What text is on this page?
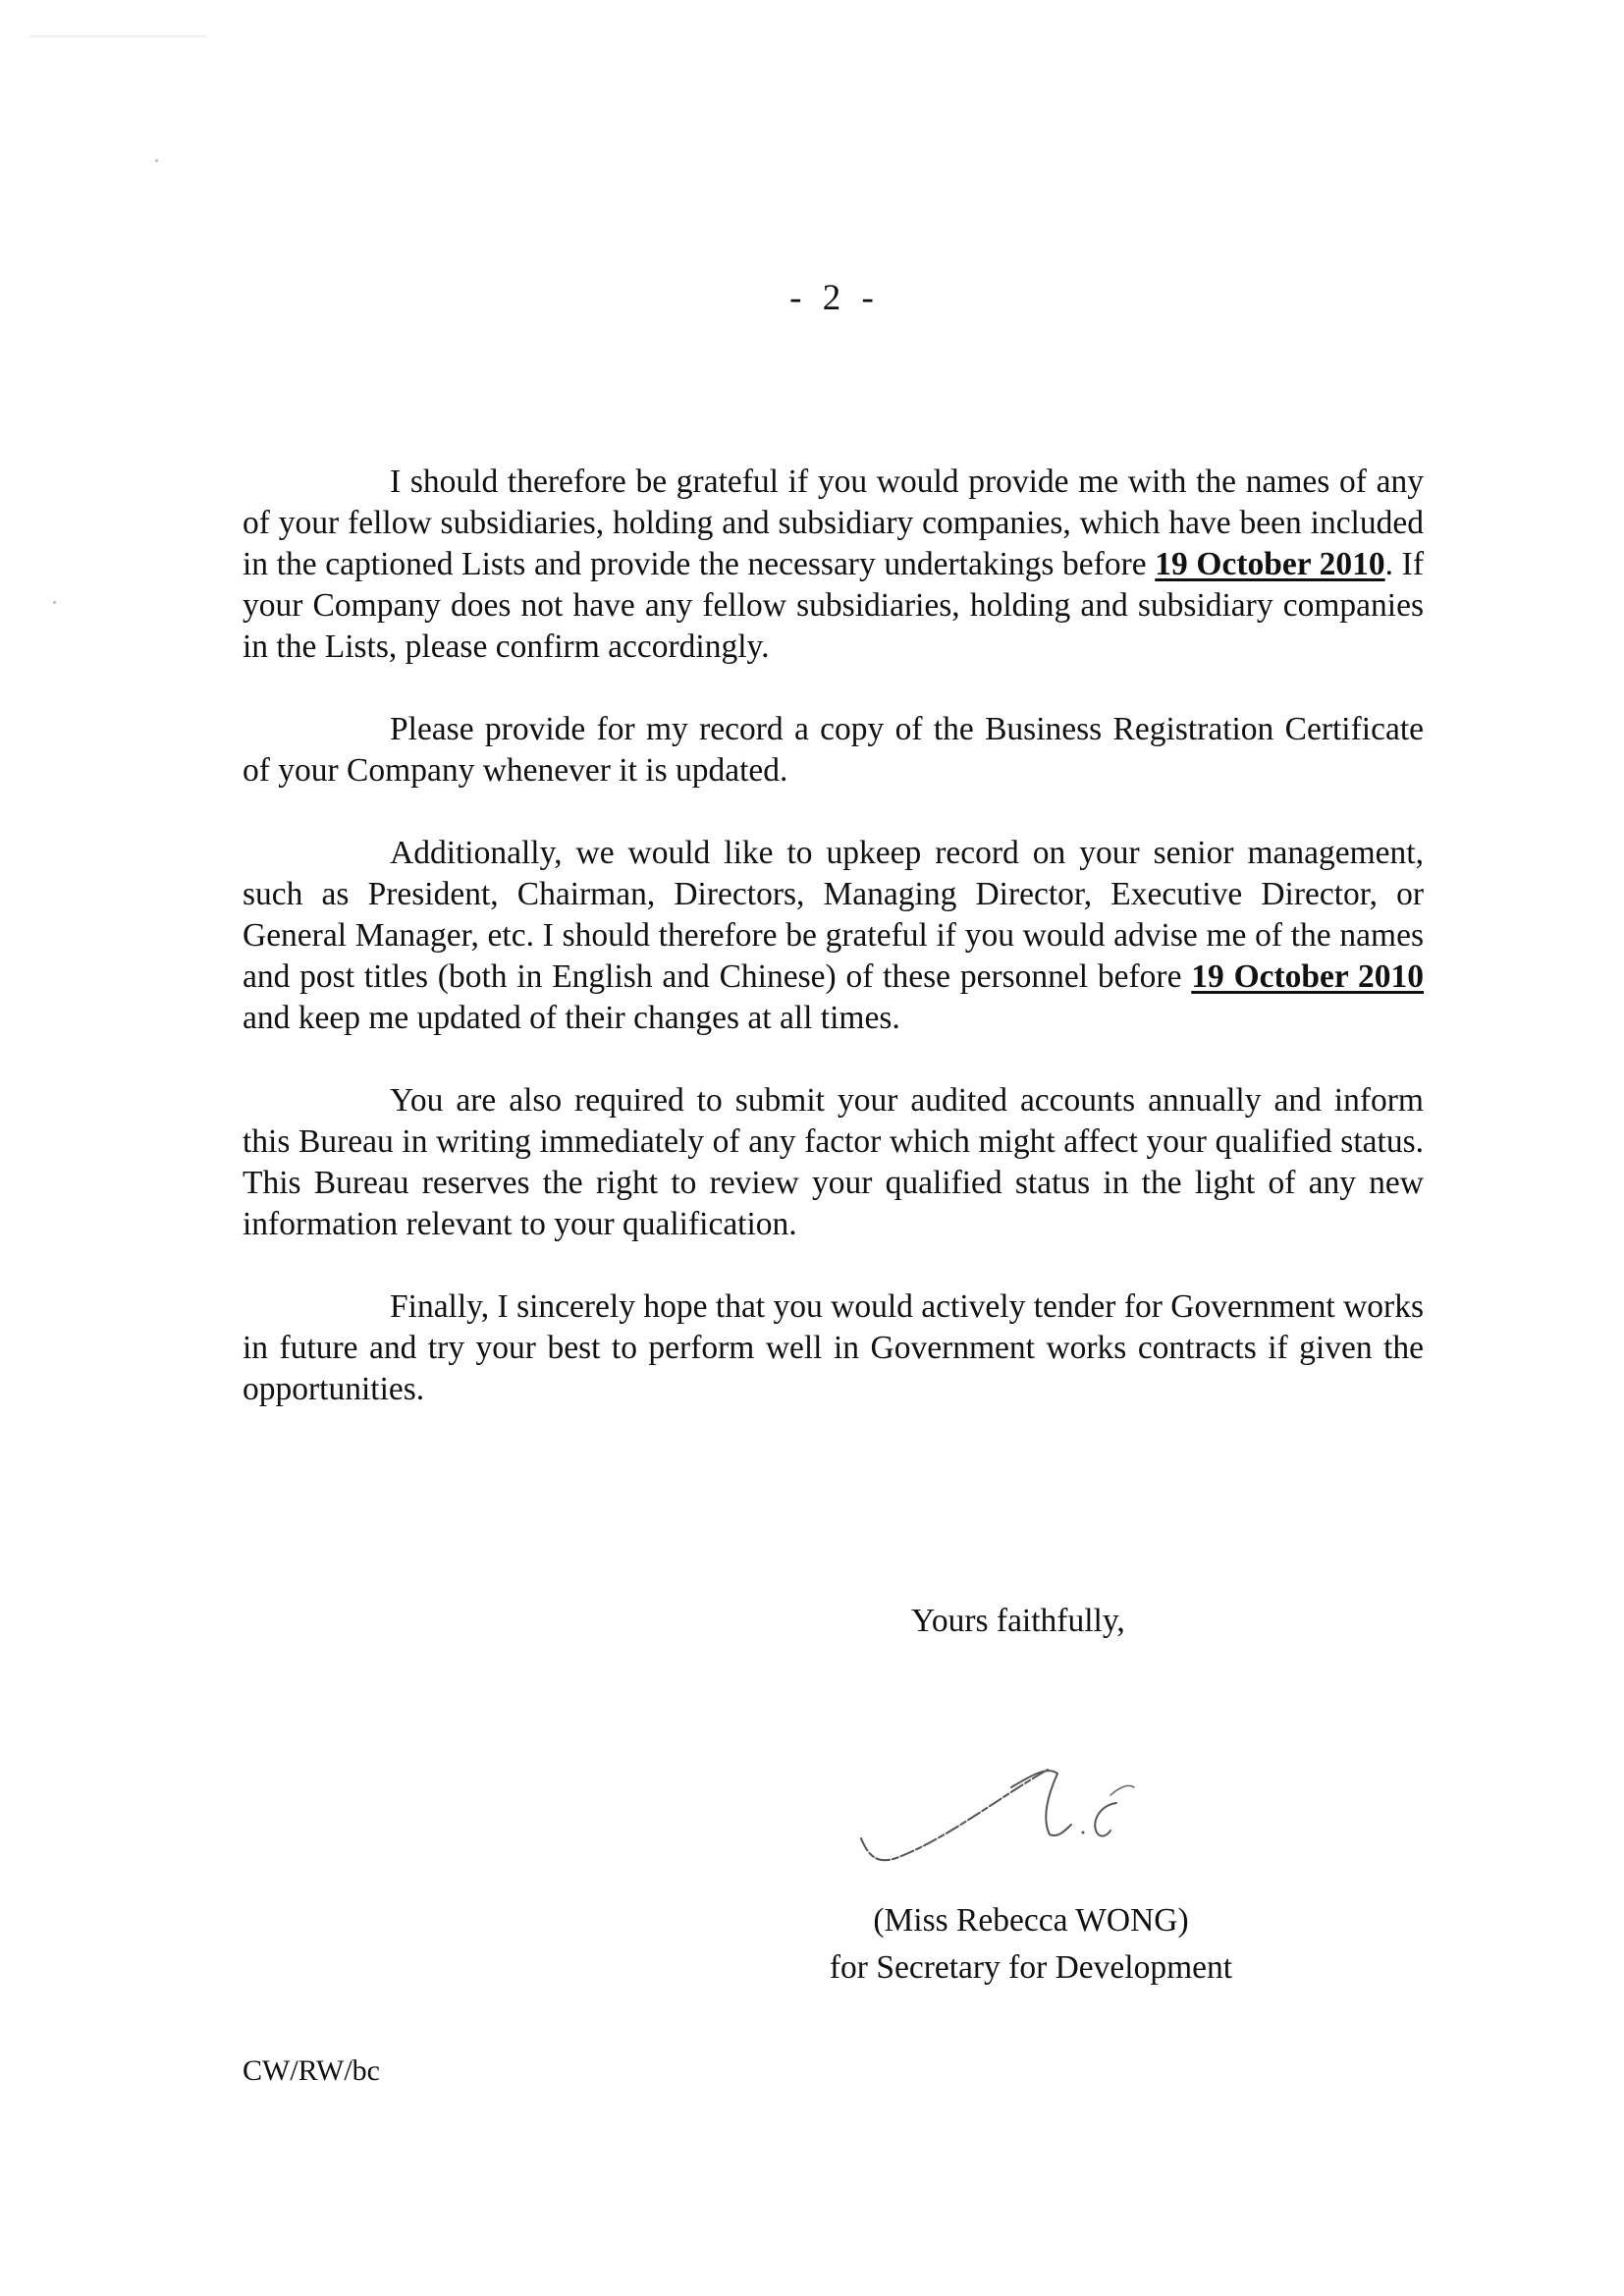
- 2 -

I should therefore be grateful if you would provide me with the names of any of your fellow subsidiaries, holding and subsidiary companies, which have been included in the captioned Lists and provide the necessary undertakings before 19 October 2010. If your Company does not have any fellow subsidiaries, holding and subsidiary companies in the Lists, please confirm accordingly.

Please provide for my record a copy of the Business Registration Certificate of your Company whenever it is updated.

Additionally, we would like to upkeep record on your senior management, such as President, Chairman, Directors, Managing Director, Executive Director, or General Manager, etc. I should therefore be grateful if you would advise me of the names and post titles (both in English and Chinese) of these personnel before 19 October 2010 and keep me updated of their changes at all times.

You are also required to submit your audited accounts annually and inform this Bureau in writing immediately of any factor which might affect your qualified status. This Bureau reserves the right to review your qualified status in the light of any new information relevant to your qualification.

Finally, I sincerely hope that you would actively tender for Government works in future and try your best to perform well in Government works contracts if given the opportunities.

Yours faithfully,
(Miss Rebecca WONG)
for Secretary for Development
CW/RW/bc
